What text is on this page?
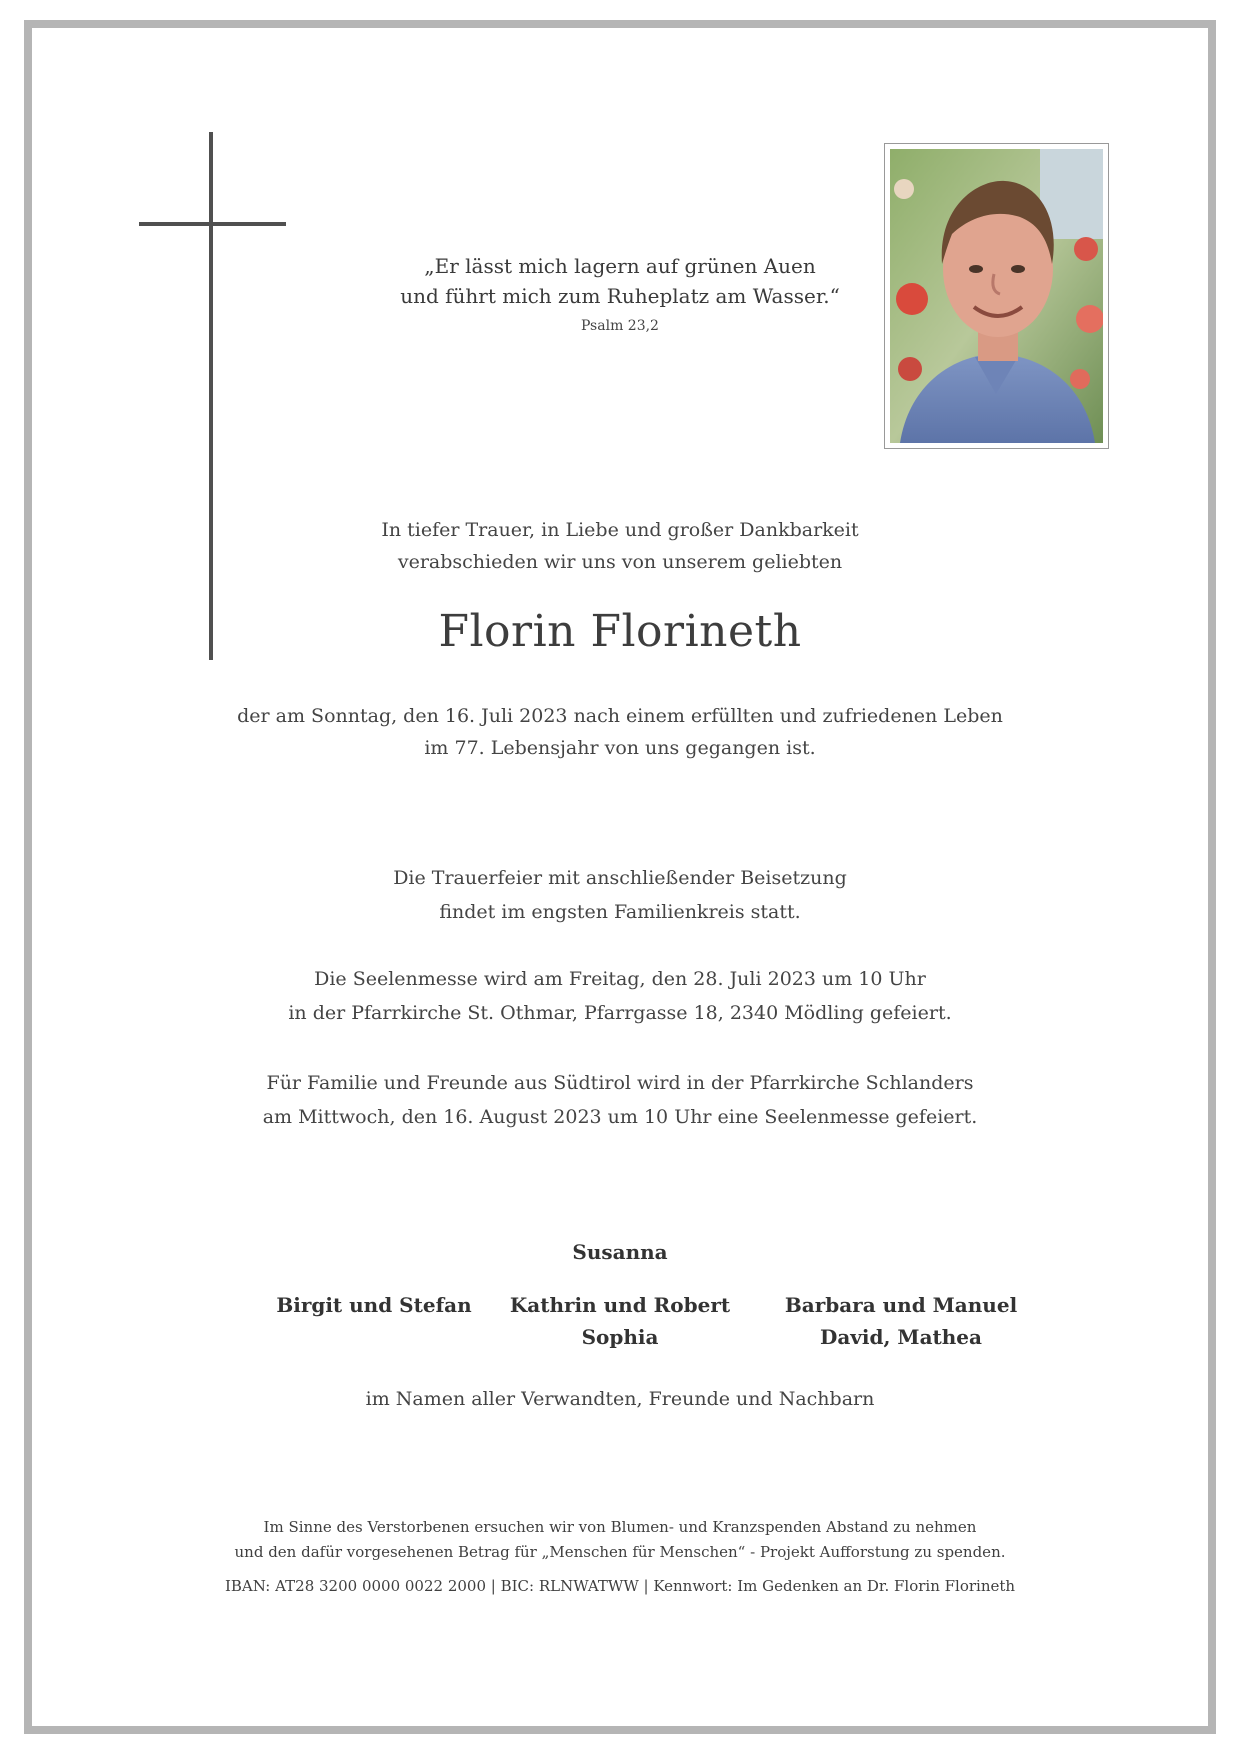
„Er lässt mich lagern auf grünen Auen
und führt mich zum Ruheplatz am Wasser.“

Psalm 23,2

In tiefer Trauer, in Liebe und großer Dankbarkeit
verabschieden wir uns von unserem geliebten

Florin Florineth

der am Sonntag, den 16. Juli 2023 nach einem erfüllten und zufriedenen Leben
im 77. Lebensjahr von uns gegangen ist.

Die Trauerfeier mit anschließender Beisetzung
findet im engsten Familienkreis statt.

Die Seelenmesse wird am Freitag, den 28. Juli 2023 um 10 Uhr
in der Pfarrkirche St. Othmar, Pfarrgasse 18, 2340 Mödling gefeiert.

Für Familie und Freunde aus Südtirol wird in der Pfarrkirche Schlanders
am Mittwoch, den 16. August 2023 um 10 Uhr eine Seelenmesse gefeiert.

Susanna
Birgit und Stefan	Kathrin und Robert
Sophia
Barbara und Manuel
David, Mathea

im Namen aller Verwandten, Freunde und Nachbarn

Im Sinne des Verstorbenen ersuchen wir von Blumen- und Kranzspenden Abstand zu nehmen
und den dafür vorgesehenen Betrag für „Menschen für Menschen“ - Projekt Aufforstung zu spenden.

IBAN: AT28 3200 0000 0022 2000 | BIC: RLNWATWW | Kennwort: Im Gedenken an Dr. Florin Florineth
